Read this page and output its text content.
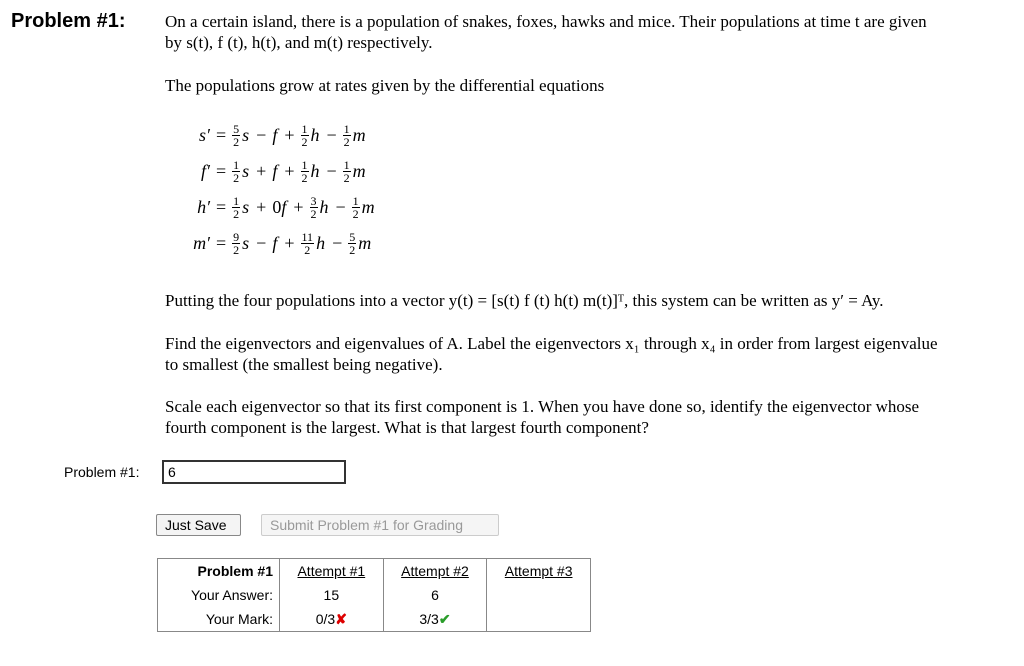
Problem #1: On a certain island, there is a population of snakes, foxes, hawks and mice. Their populations at time t are given
by s(t), f (t), h(t), and m(t) respectively.
The populations grow at rates given by the differential equations
$s' = \frac{5}{2}$ $s - f + \frac{1}{2}$ $h - \frac{1}{2}$ m
$f' = \frac{1}{2}$ $s + f + \frac{1}{2}$ $h - \frac{1}{2}$ m
$h' = \frac{1}{2}$ s + 0 $f + \frac{3}{2}$ $h - \frac{1}{2}$ m
$m' = \frac{9}{2}$ $s - f + \frac{11}{2}$ $h - \frac{5}{2}$ m
Putting the four populations into a vector y(t) = [s(t) f (t) h(t) m(t)]ᵀ, this system can be written as y′ = Ay.
Find the eigenvectors and eigenvalues of A. Label the eigenvectors x₁ through x₄ in order from largest eigenvalue
to smallest (the smallest being negative).
Scale each eigenvector so that its first component is 1. When you have done so, identify the eigenvector whose
fourth component is the largest. What is that largest fourth component?
Problem #1:
6
Just Save	Submit Problem #1 for Grading
Problem #1	Attempt #1	Attempt #2	Attempt #3
Your Answer:	15	6	
Your Mark:	0/3✘	3/3✔	
